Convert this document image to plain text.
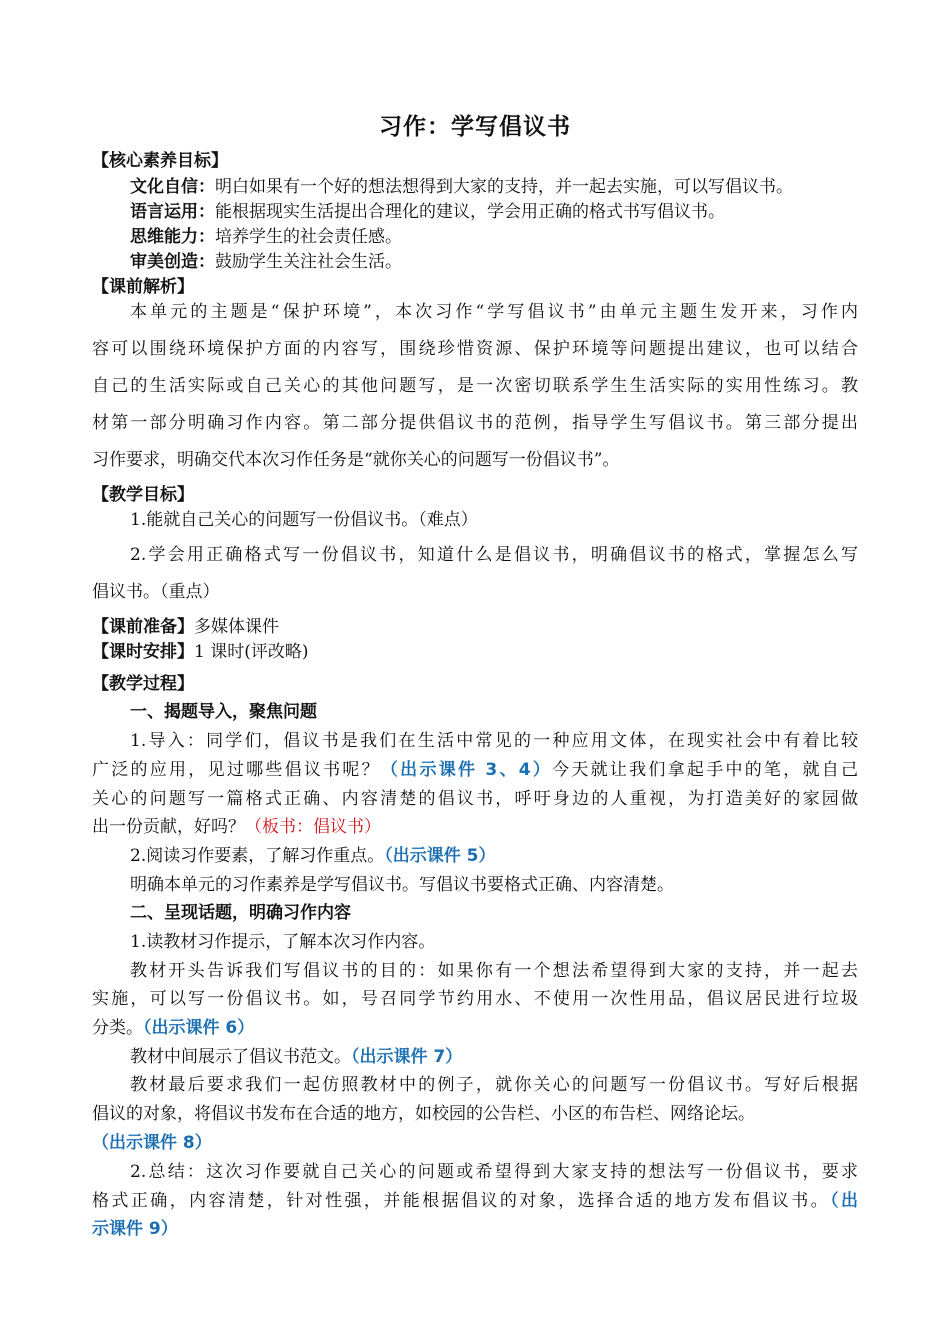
习作：学写倡议书
【核心素养目标】
文化自信：明白如果有一个好的想法想得到大家的支持，并一起去实施，可以写倡议书。
语言运用：能根据现实生活提出合理化的建议，学会用正确的格式书写倡议书。
思维能力：培养学生的社会责任感。
审美创造：鼓励学生关注社会生活。
【课前解析】
本单元的主题是“保护环境”，本次习作“学写倡议书”由单元主题生发开来，习作内
容可以围绕环境保护方面的内容写，围绕珍惜资源、保护环境等问题提出建议，也可以结合
自己的生活实际或自己关心的其他问题写，是一次密切联系学生生活实际的实用性练习。教
材第一部分明确习作内容。第二部分提供倡议书的范例，指导学生写倡议书。第三部分提出
习作要求，明确交代本次习作任务是“就你关心的问题写一份倡议书”。
【教学目标】
1.能就自己关心的问题写一份倡议书。（难点）
2.学会用正确格式写一份倡议书，知道什么是倡议书，明确倡议书的格式，掌握怎么写
倡议书。（重点）
【课前准备】多媒体课件
【课时安排】1 课时(评改略)
【教学过程】
一、揭题导入，聚焦问题
1.导入：同学们，倡议书是我们在生活中常见的一种应用文体，在现实社会中有着比较
广泛的应用，见过哪些倡议书呢？（出示课件 3、4）今天就让我们拿起手中的笔，就自己
关心的问题写一篇格式正确、内容清楚的倡议书，呼吁身边的人重视，为打造美好的家园做
出一份贡献，好吗？（板书：倡议书）
2.阅读习作要素，了解习作重点。（出示课件 5）
明确本单元的习作素养是学写倡议书。写倡议书要格式正确、内容清楚。
二、呈现话题，明确习作内容
1.读教材习作提示，了解本次习作内容。
教材开头告诉我们写倡议书的目的：如果你有一个想法希望得到大家的支持，并一起去
实施，可以写一份倡议书。如，号召同学节约用水、不使用一次性用品，倡议居民进行垃圾
分类。（出示课件 6）
教材中间展示了倡议书范文。（出示课件 7）
教材最后要求我们一起仿照教材中的例子，就你关心的问题写一份倡议书。写好后根据
倡议的对象，将倡议书发布在合适的地方，如校园的公告栏、小区的布告栏、网络论坛。
（出示课件 8）
2.总结：这次习作要就自己关心的问题或希望得到大家支持的想法写一份倡议书，要求
格式正确，内容清楚，针对性强，并能根据倡议的对象，选择合适的地方发布倡议书。（出
示课件 9）
